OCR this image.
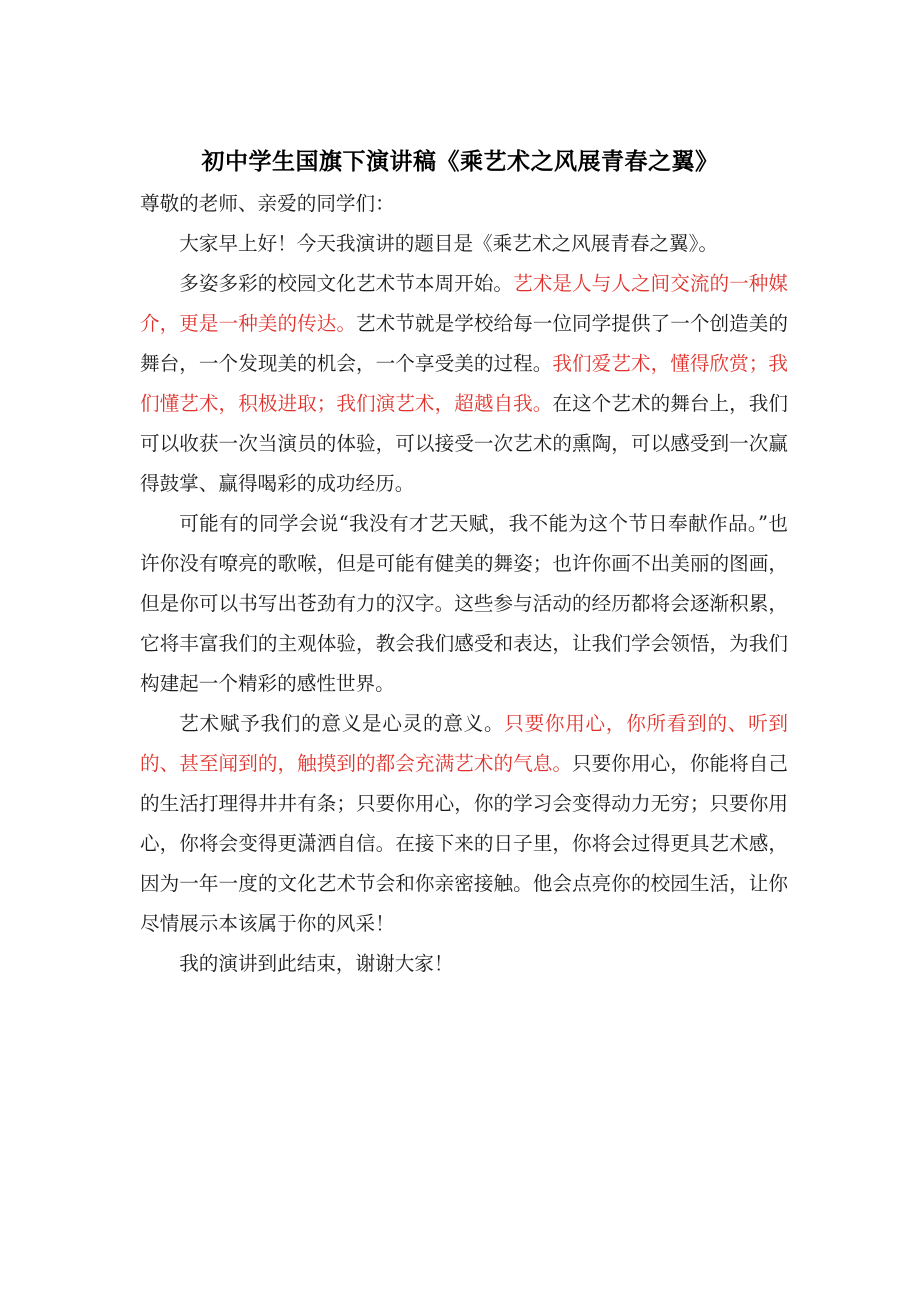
初中学生国旗下演讲稿《乘艺术之风展青春之翼》

尊敬的老师、亲爱的同学们：

大家早上好！今天我演讲的题目是《乘艺术之风展青春之翼》。

多姿多彩的校园文化艺术节本周开始。艺术是人与人之间交流的一种媒介，更是一种美的传达。艺术节就是学校给每一位同学提供了一个创造美的舞台，一个发现美的机会，一个享受美的过程。我们爱艺术，懂得欣赏；我们懂艺术，积极进取；我们演艺术，超越自我。在这个艺术的舞台上，我们可以收获一次当演员的体验，可以接受一次艺术的熏陶，可以感受到一次赢得鼓掌、赢得喝彩的成功经历。

可能有的同学会说“我没有才艺天赋，我不能为这个节日奉献作品。”也许你没有嘹亮的歌喉，但是可能有健美的舞姿；也许你画不出美丽的图画，但是你可以书写出苍劲有力的汉字。这些参与活动的经历都将会逐渐积累，它将丰富我们的主观体验，教会我们感受和表达，让我们学会领悟，为我们构建起一个精彩的感性世界。

艺术赋予我们的意义是心灵的意义。只要你用心，你所看到的、听到的、甚至闻到的，触摸到的都会充满艺术的气息。只要你用心，你能将自己的生活打理得井井有条；只要你用心，你的学习会变得动力无穷；只要你用心，你将会变得更潇洒自信。在接下来的日子里，你将会过得更具艺术感，因为一年一度的文化艺术节会和你亲密接触。他会点亮你的校园生活，让你尽情展示本该属于你的风采！

我的演讲到此结束，谢谢大家！
